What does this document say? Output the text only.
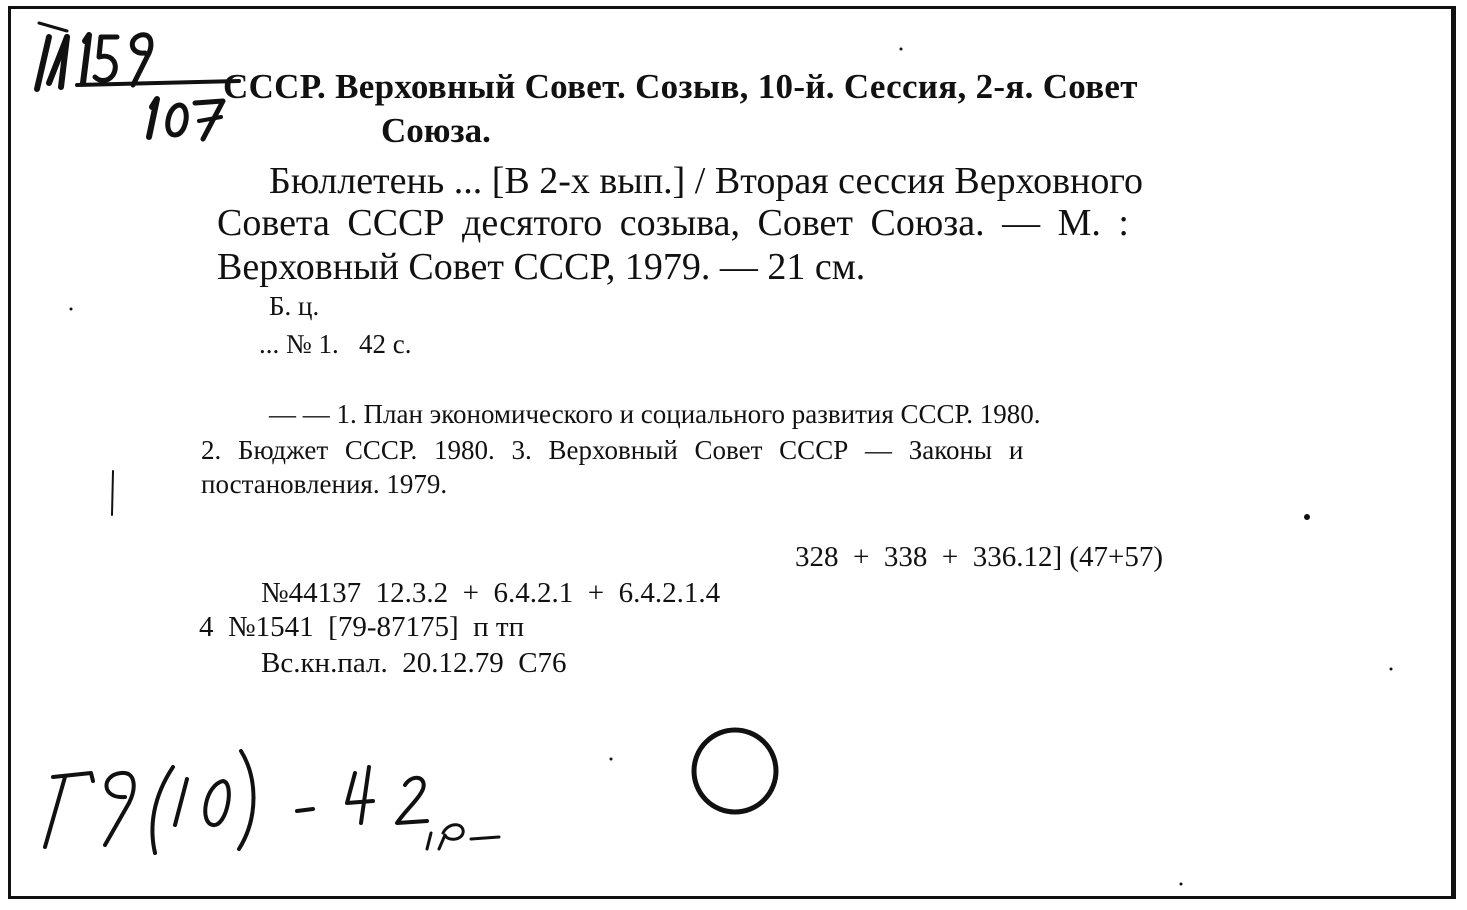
СССР. Верховный Совет. Созыв, 10-й. Сессия, 2-я. Совет
Союза.
Бюллетень ... [В 2-х вып.] / Вторая сессия Верховного
Совета СССР десятого созыва, Совет Союза. — М. :
Верховный Совет СССР, 1979. — 21 см.
Б. ц.
... № 1.   42 с.
— — 1. План экономического и социального развития СССР. 1980.
2. Бюджет СССР. 1980. 3. Верховный Совет СССР — Законы и
постановления. 1979.
328  +  338  +  336.12] (47+57)
№44137  12.3.2  +  6.4.2.1  +  6.4.2.1.4
4  №1541  [79-87175]  п тп
Вс.кн.пал.  20.12.79  С76
